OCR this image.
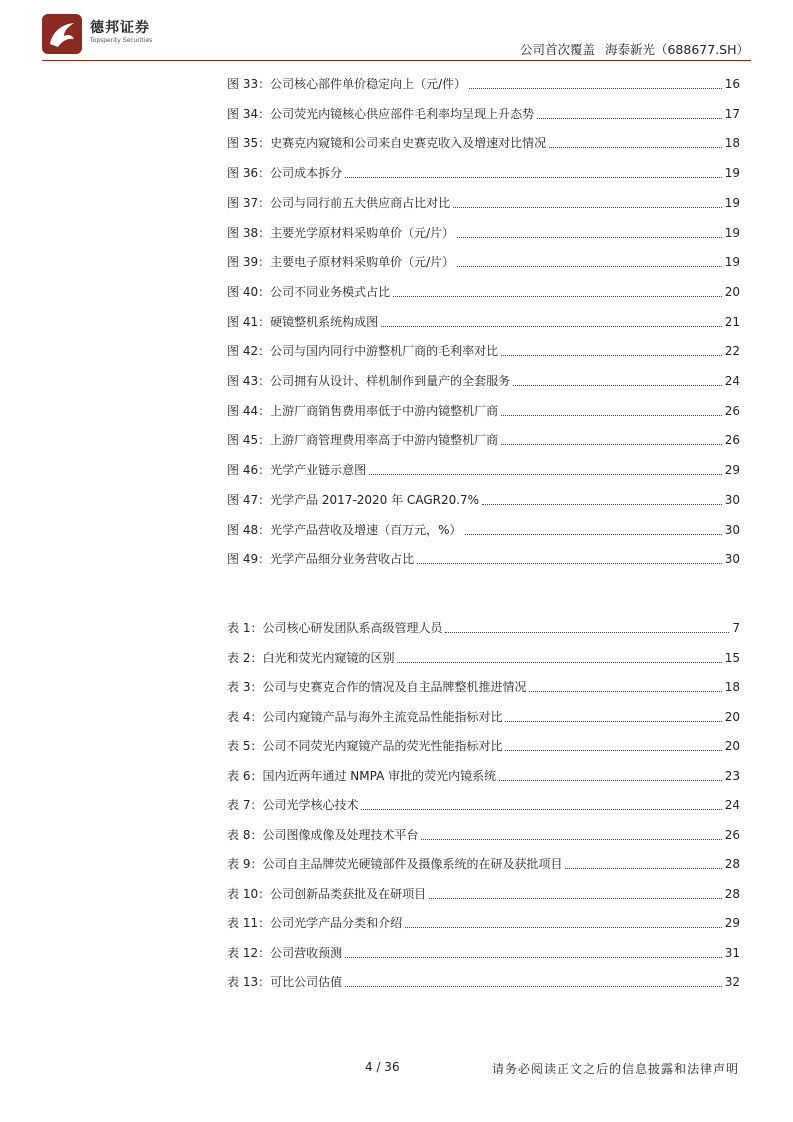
德邦证券
Topsperity Securities
公司首次覆盖 海泰新光（688677.SH）
图 33：公司核心部件单价稳定向上（元/件）	16
图 34：公司荧光内镜核心供应部件毛利率均呈现上升态势	17
图 35：史赛克内窥镜和公司来自史赛克收入及增速对比情况	18
图 36：公司成本拆分	19
图 37：公司与同行前五大供应商占比对比	19
图 38：主要光学原材料采购单价（元/片）	19
图 39：主要电子原材料采购单价（元/片）	19
图 40：公司不同业务模式占比	20
图 41：硬镜整机系统构成图	21
图 42：公司与国内同行中游整机厂商的毛利率对比	22
图 43：公司拥有从设计、样机制作到量产的全套服务	24
图 44：上游厂商销售费用率低于中游内镜整机厂商	26
图 45：上游厂商管理费用率高于中游内镜整机厂商	26
图 46：光学产业链示意图	29
图 47：光学产品 2017-2020 年 CAGR20.7%	30
图 48：光学产品营收及增速（百万元，%）	30
图 49：光学产品细分业务营收占比	30
表 1：公司核心研发团队系高级管理人员	7
表 2：白光和荧光内窥镜的区别	15
表 3：公司与史赛克合作的情况及自主品牌整机推进情况	18
表 4：公司内窥镜产品与海外主流竞品性能指标对比	20
表 5：公司不同荧光内窥镜产品的荧光性能指标对比	20
表 6：国内近两年通过 NMPA 审批的荧光内镜系统	23
表 7：公司光学核心技术	24
表 8：公司图像成像及处理技术平台	26
表 9：公司自主品牌荧光硬镜部件及摄像系统的在研及获批项目	28
表 10：公司创新品类获批及在研项目	28
表 11：公司光学产品分类和介绍	29
表 12：公司营收预测	31
表 13：可比公司估值	32
4 / 36	请务必阅读正文之后的信息披露和法律声明
